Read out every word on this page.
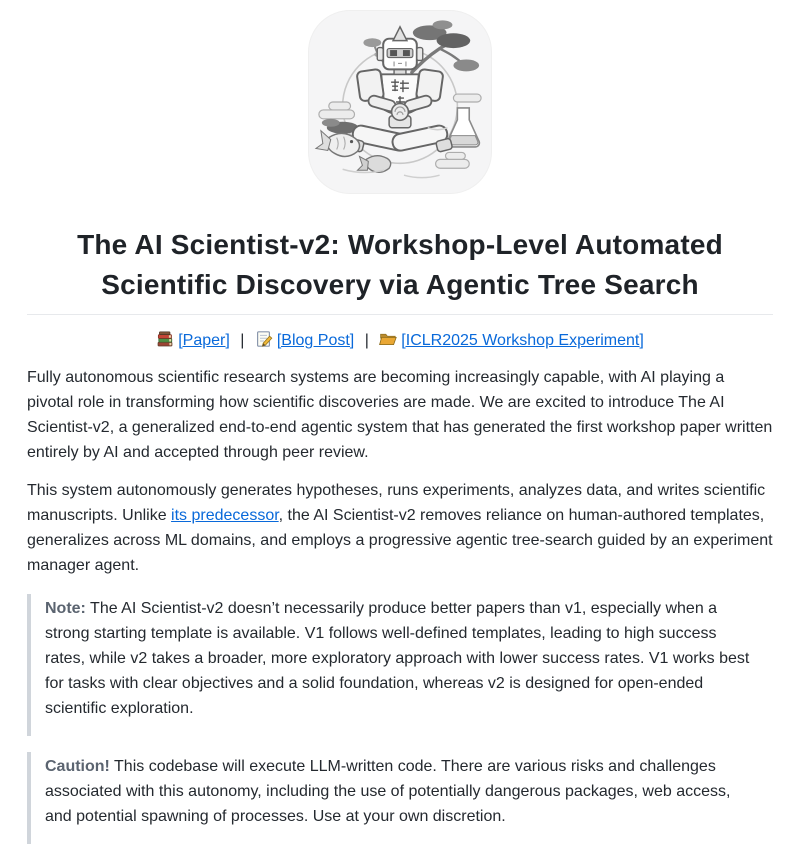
The AI Scientist-v2: Workshop-Level Automated Scientific Discovery via Agentic Tree Search
[Paper] | [Blog Post] | [ICLR2025 Workshop Experiment]

Fully autonomous scientific research systems are becoming increasingly capable, with AI playing a pivotal role in transforming how scientific discoveries are made. We are excited to introduce The AI Scientist-v2, a generalized end-to-end agentic system that has generated the first workshop paper written entirely by AI and accepted through peer review.

This system autonomously generates hypotheses, runs experiments, analyzes data, and writes scientific manuscripts. Unlike its predecessor, the AI Scientist-v2 removes reliance on human-authored templates, generalizes across ML domains, and employs a progressive agentic tree-search guided by an experiment manager agent.

Note: The AI Scientist-v2 doesn’t necessarily produce better papers than v1, especially when a strong starting template is available. V1 follows well-defined templates, leading to high success rates, while v2 takes a broader, more exploratory approach with lower success rates. V1 works best for tasks with clear objectives and a solid foundation, whereas v2 is designed for open-ended scientific exploration.

Caution! This codebase will execute LLM-written code. There are various risks and challenges associated with this autonomy, including the use of potentially dangerous packages, web access, and potential spawning of processes. Use at your own discretion.
